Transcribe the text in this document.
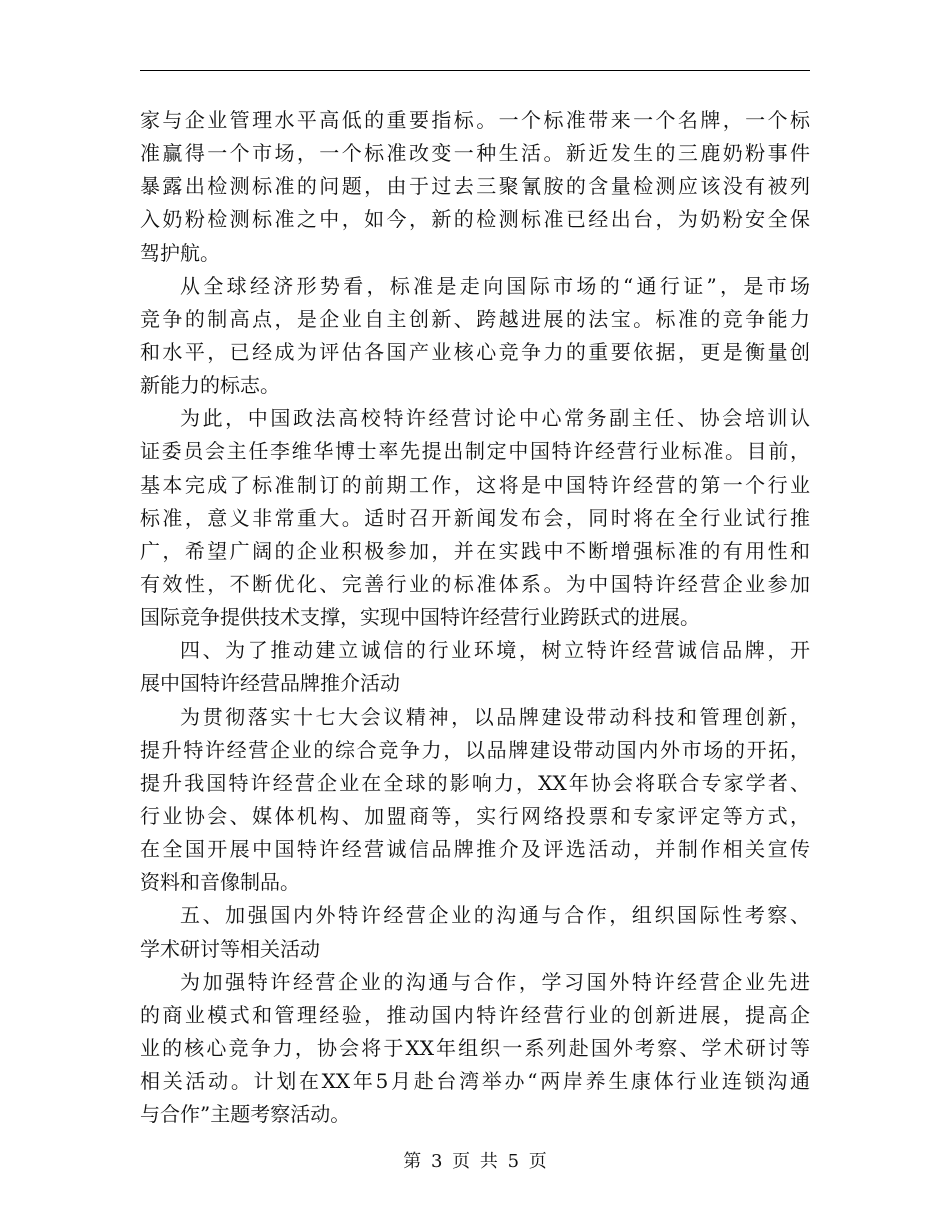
家与企业管理水平高低的重要指标。一个标准带来一个名牌，一个标
准赢得一个市场，一个标准改变一种生活。新近发生的三鹿奶粉事件
暴露出检测标准的问题，由于过去三聚氰胺的含量检测应该没有被列
入奶粉检测标准之中，如今，新的检测标准已经出台，为奶粉安全保
驾护航。
从全球经济形势看，标准是走向国际市场的“通行证”，是市场
竞争的制高点，是企业自主创新、跨越进展的法宝。标准的竞争能力
和水平，已经成为评估各国产业核心竞争力的重要依据，更是衡量创
新能力的标志。
为此，中国政法高校特许经营讨论中心常务副主任、协会培训认
证委员会主任李维华博士率先提出制定中国特许经营行业标准。目前，
基本完成了标准制订的前期工作，这将是中国特许经营的第一个行业
标准，意义非常重大。适时召开新闻发布会，同时将在全行业试行推
广，希望广阔的企业积极参加，并在实践中不断增强标准的有用性和
有效性，不断优化、完善行业的标准体系。为中国特许经营企业参加
国际竞争提供技术支撑，实现中国特许经营行业跨跃式的进展。
四、为了推动建立诚信的行业环境，树立特许经营诚信品牌，开
展中国特许经营品牌推介活动
为贯彻落实十七大会议精神，以品牌建设带动科技和管理创新，
提升特许经营企业的综合竞争力，以品牌建设带动国内外市场的开拓，
提升我国特许经营企业在全球的影响力，XX年协会将联合专家学者、
行业协会、媒体机构、加盟商等，实行网络投票和专家评定等方式，
在全国开展中国特许经营诚信品牌推介及评选活动，并制作相关宣传
资料和音像制品。
五、加强国内外特许经营企业的沟通与合作，组织国际性考察、
学术研讨等相关活动
为加强特许经营企业的沟通与合作，学习国外特许经营企业先进
的商业模式和管理经验，推动国内特许经营行业的创新进展，提高企
业的核心竞争力，协会将于XX年组织一系列赴国外考察、学术研讨等
相关活动。计划在XX年5月赴台湾举办“两岸养生康体行业连锁沟通
与合作”主题考察活动。
第 3 页 共 5 页
